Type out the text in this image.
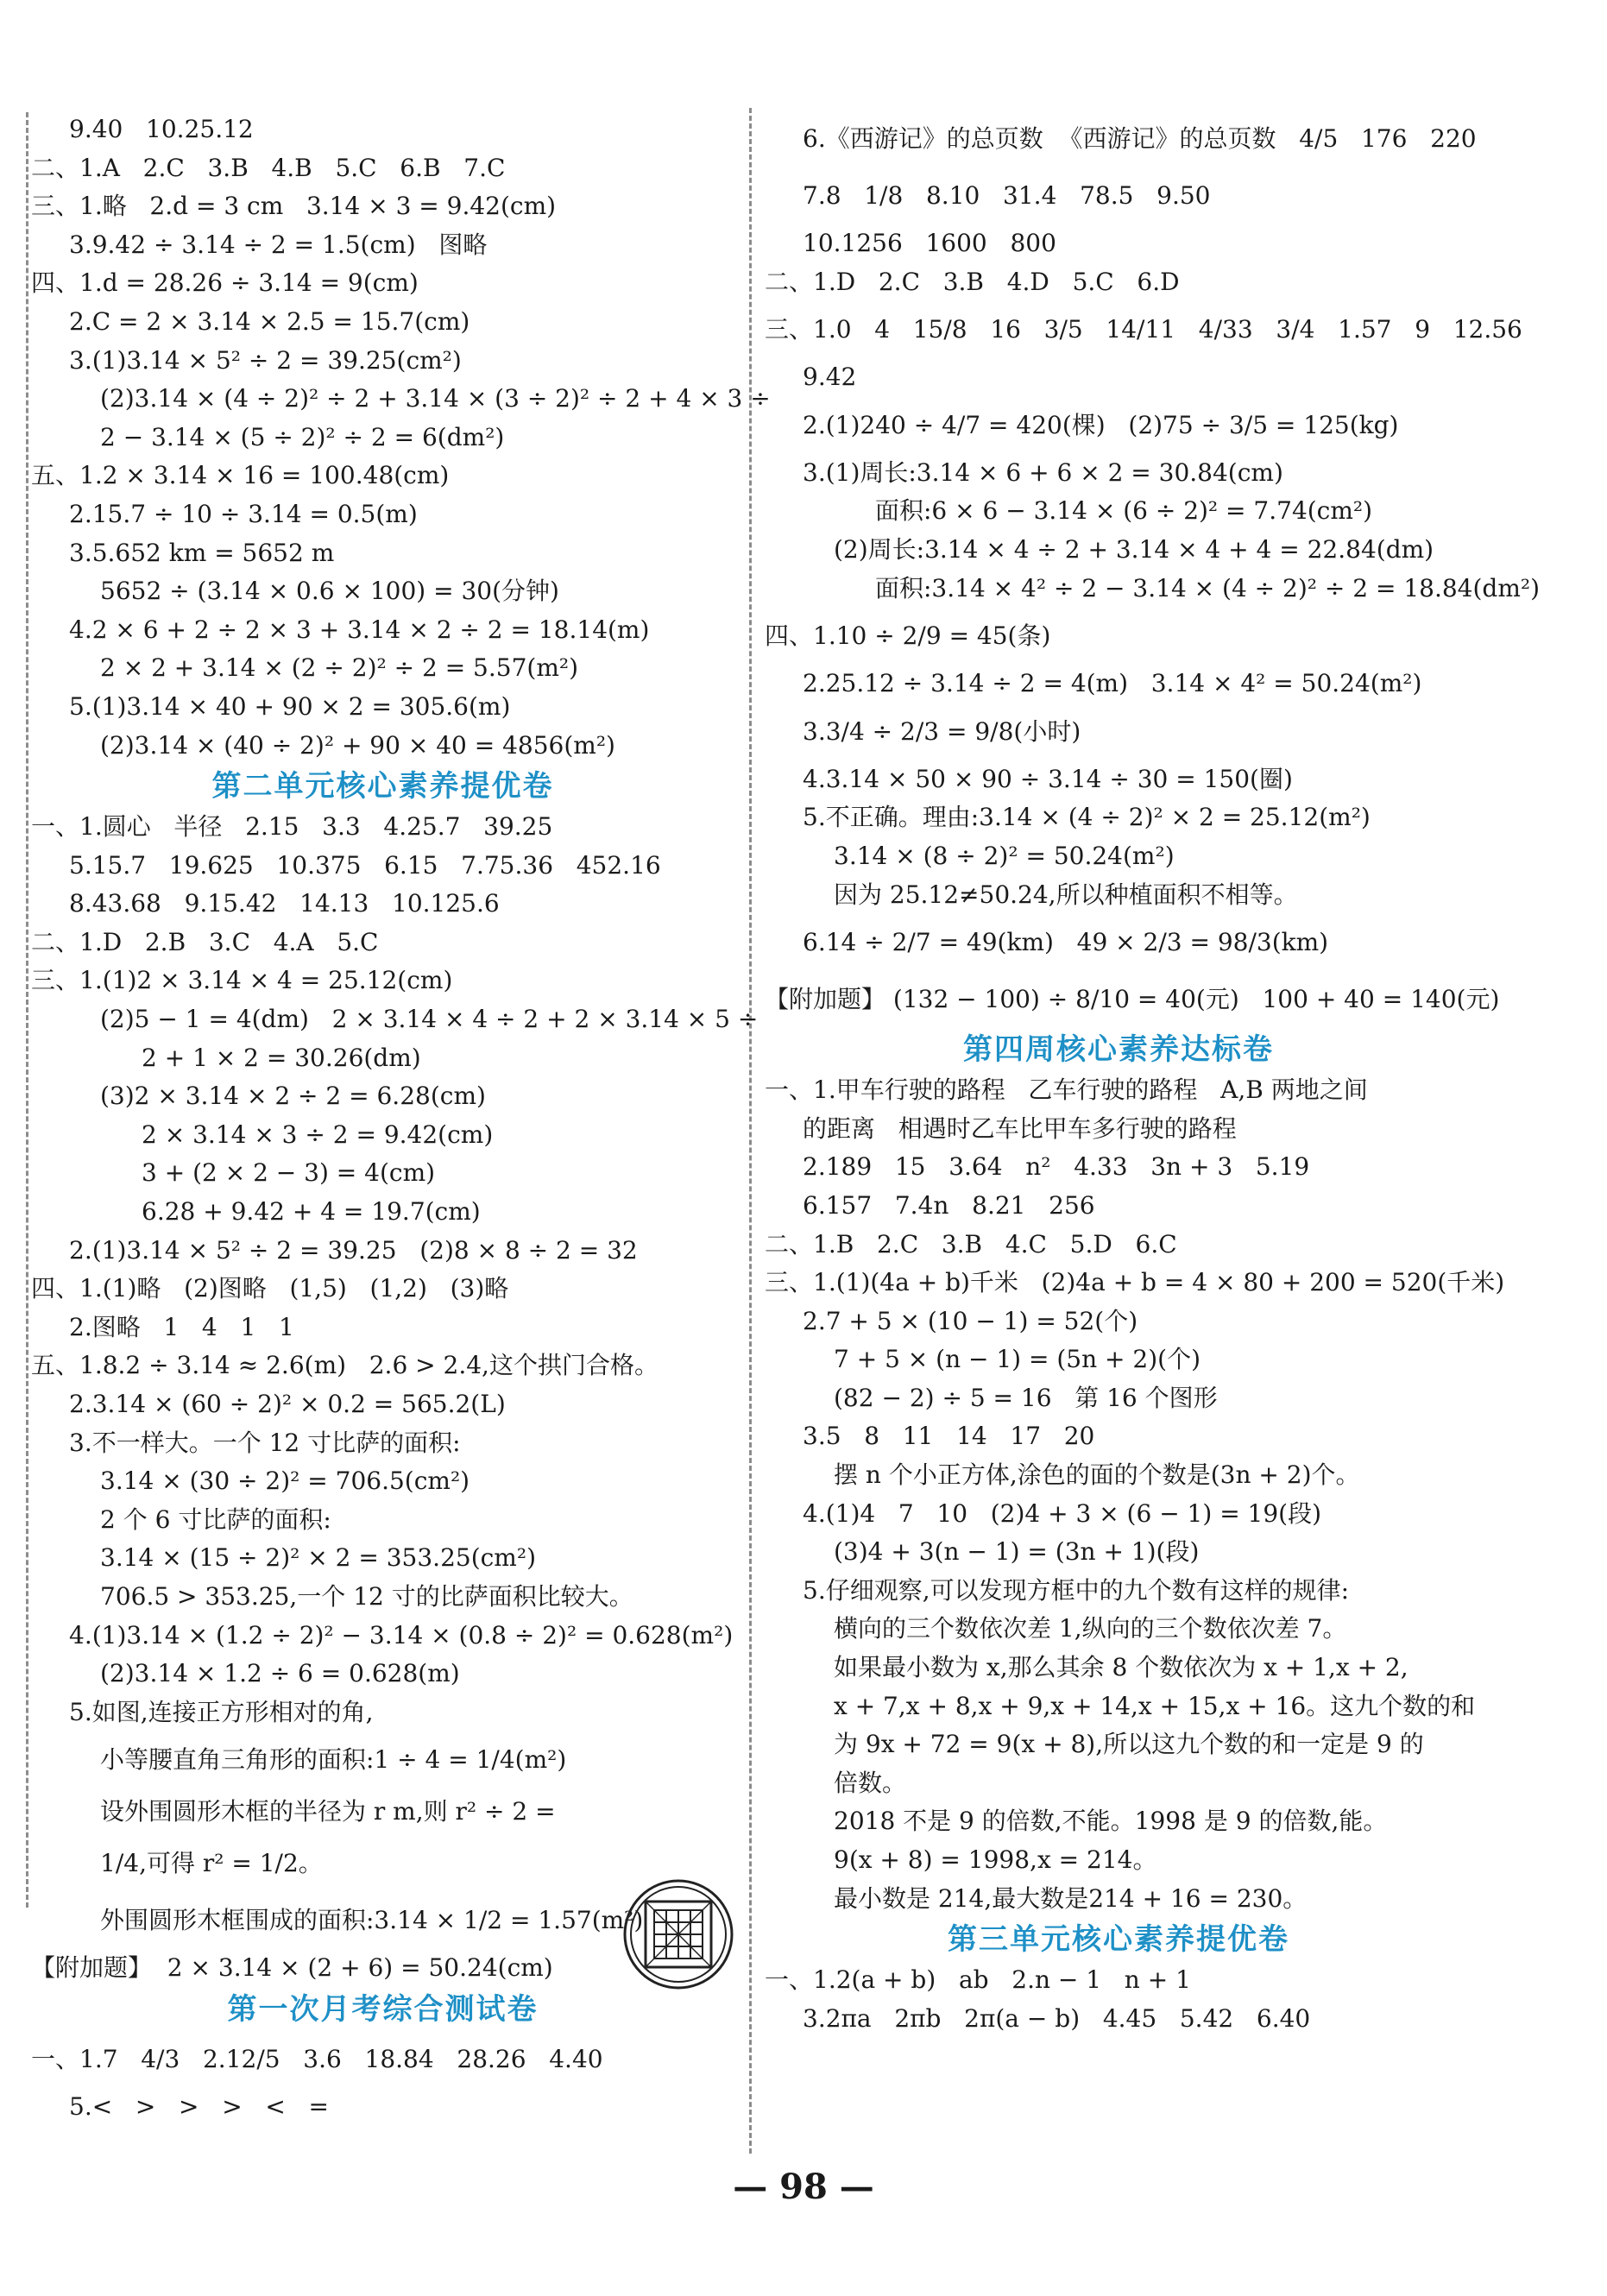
9.40   10.25.12
二、1.A   2.C   3.B   4.B   5.C   6.B   7.C
三、1.略   2.d = 3 cm   3.14 × 3 = 9.42(cm)
3.9.42 ÷ 3.14 ÷ 2 = 1.5(cm)   图略
四、1.d = 28.26 ÷ 3.14 = 9(cm)
2.C = 2 × 3.14 × 2.5 = 15.7(cm)
3.(1)3.14 × 5² ÷ 2 = 39.25(cm²)
(2)3.14 × (4 ÷ 2)² ÷ 2 + 3.14 × (3 ÷ 2)² ÷ 2 + 4 × 3 ÷
2 − 3.14 × (5 ÷ 2)² ÷ 2 = 6(dm²)
五、1.2 × 3.14 × 16 = 100.48(cm)
2.15.7 ÷ 10 ÷ 3.14 = 0.5(m)
3.5.652 km = 5652 m
5652 ÷ (3.14 × 0.6 × 100) = 30(分钟)
4.2 × 6 + 2 ÷ 2 × 3 + 3.14 × 2 ÷ 2 = 18.14(m)
2 × 2 + 3.14 × (2 ÷ 2)² ÷ 2 = 5.57(m²)
5.(1)3.14 × 40 + 90 × 2 = 305.6(m)
(2)3.14 × (40 ÷ 2)² + 90 × 40 = 4856(m²)
第二单元核心素养提优卷
一、1.圆心   半径   2.15   3.3   4.25.7   39.25
5.15.7   19.625   10.375   6.15   7.75.36   452.16
8.43.68   9.15.42   14.13   10.125.6
二、1.D   2.B   3.C   4.A   5.C
三、1.(1)2 × 3.14 × 4 = 25.12(cm)
(2)5 − 1 = 4(dm)   2 × 3.14 × 4 ÷ 2 + 2 × 3.14 × 5 ÷
2 + 1 × 2 = 30.26(dm)
(3)2 × 3.14 × 2 ÷ 2 = 6.28(cm)
2 × 3.14 × 3 ÷ 2 = 9.42(cm)
3 + (2 × 2 − 3) = 4(cm)
6.28 + 9.42 + 4 = 19.7(cm)
2.(1)3.14 × 5² ÷ 2 = 39.25   (2)8 × 8 ÷ 2 = 32
四、1.(1)略   (2)图略   (1,5)   (1,2)   (3)略
2.图略   1   4   1   1
五、1.8.2 ÷ 3.14 ≈ 2.6(m)   2.6 > 2.4,这个拱门合格。
2.3.14 × (60 ÷ 2)² × 0.2 = 565.2(L)
3.不一样大。一个 12 寸比萨的面积:
3.14 × (30 ÷ 2)² = 706.5(cm²)
2 个 6 寸比萨的面积:
3.14 × (15 ÷ 2)² × 2 = 353.25(cm²)
706.5 > 353.25,一个 12 寸的比萨面积比较大。
4.(1)3.14 × (1.2 ÷ 2)² − 3.14 × (0.8 ÷ 2)² = 0.628(m²)
(2)3.14 × 1.2 ÷ 6 = 0.628(m)
5.如图,连接正方形相对的角,
小等腰直角三角形的面积:1 ÷ 4 = 1/4(m²)
设外围圆形木框的半径为 r m,则 r² ÷ 2 =
1/4,可得 r² = 1/2。
外围圆形木框围成的面积:3.14 × 1/2 = 1.57(m²)
【附加题】  2 × 3.14 × (2 + 6) = 50.24(cm)
第一次月考综合测试卷
一、1.7   4/3   2.12/5   3.6   18.84   28.26   4.40
5.<   >   >   >   <   =
6.《西游记》的总页数  《西游记》的总页数   4/5   176   220
7.8   1/8   8.10   31.4   78.5   9.50
10.1256   1600   800
二、1.D   2.C   3.B   4.D   5.C   6.D
三、1.0   4   15/8   16   3/5   14/11   4/33   3/4   1.57   9   12.56
9.42
2.(1)240 ÷ 4/7 = 420(棵)   (2)75 ÷ 3/5 = 125(kg)
3.(1)周长:3.14 × 6 + 6 × 2 = 30.84(cm)
面积:6 × 6 − 3.14 × (6 ÷ 2)² = 7.74(cm²)
(2)周长:3.14 × 4 ÷ 2 + 3.14 × 4 + 4 = 22.84(dm)
面积:3.14 × 4² ÷ 2 − 3.14 × (4 ÷ 2)² ÷ 2 = 18.84(dm²)
四、1.10 ÷ 2/9 = 45(条)
2.25.12 ÷ 3.14 ÷ 2 = 4(m)   3.14 × 4² = 50.24(m²)
3.3/4 ÷ 2/3 = 9/8(小时)
4.3.14 × 50 × 90 ÷ 3.14 ÷ 30 = 150(圈)
5.不正确。理由:3.14 × (4 ÷ 2)² × 2 = 25.12(m²)
3.14 × (8 ÷ 2)² = 50.24(m²)
因为 25.12≠50.24,所以种植面积不相等。
6.14 ÷ 2/7 = 49(km)   49 × 2/3 = 98/3(km)
【附加题】 (132 − 100) ÷ 8/10 = 40(元)   100 + 40 = 140(元)
第四周核心素养达标卷
一、1.甲车行驶的路程   乙车行驶的路程   A,B 两地之间
的距离   相遇时乙车比甲车多行驶的路程
2.189   15   3.64   n²   4.33   3n + 3   5.19
6.157   7.4n   8.21   256
二、1.B   2.C   3.B   4.C   5.D   6.C
三、1.(1)(4a + b)千米   (2)4a + b = 4 × 80 + 200 = 520(千米)
2.7 + 5 × (10 − 1) = 52(个)
7 + 5 × (n − 1) = (5n + 2)(个)
(82 − 2) ÷ 5 = 16   第 16 个图形
3.5   8   11   14   17   20
摆 n 个小正方体,涂色的面的个数是(3n + 2)个。
4.(1)4   7   10   (2)4 + 3 × (6 − 1) = 19(段)
(3)4 + 3(n − 1) = (3n + 1)(段)
5.仔细观察,可以发现方框中的九个数有这样的规律:
横向的三个数依次差 1,纵向的三个数依次差 7。
如果最小数为 x,那么其余 8 个数依次为 x + 1,x + 2,
x + 7,x + 8,x + 9,x + 14,x + 15,x + 16。这九个数的和
为 9x + 72 = 9(x + 8),所以这九个数的和一定是 9 的
倍数。
2018 不是 9 的倍数,不能。1998 是 9 的倍数,能。
9(x + 8) = 1998,x = 214。
最小数是 214,最大数是214 + 16 = 230。
第三单元核心素养提优卷
一、1.2(a + b)   ab   2.n − 1   n + 1
3.2πa   2πb   2π(a − b)   4.45   5.42   6.40
— 98 —
